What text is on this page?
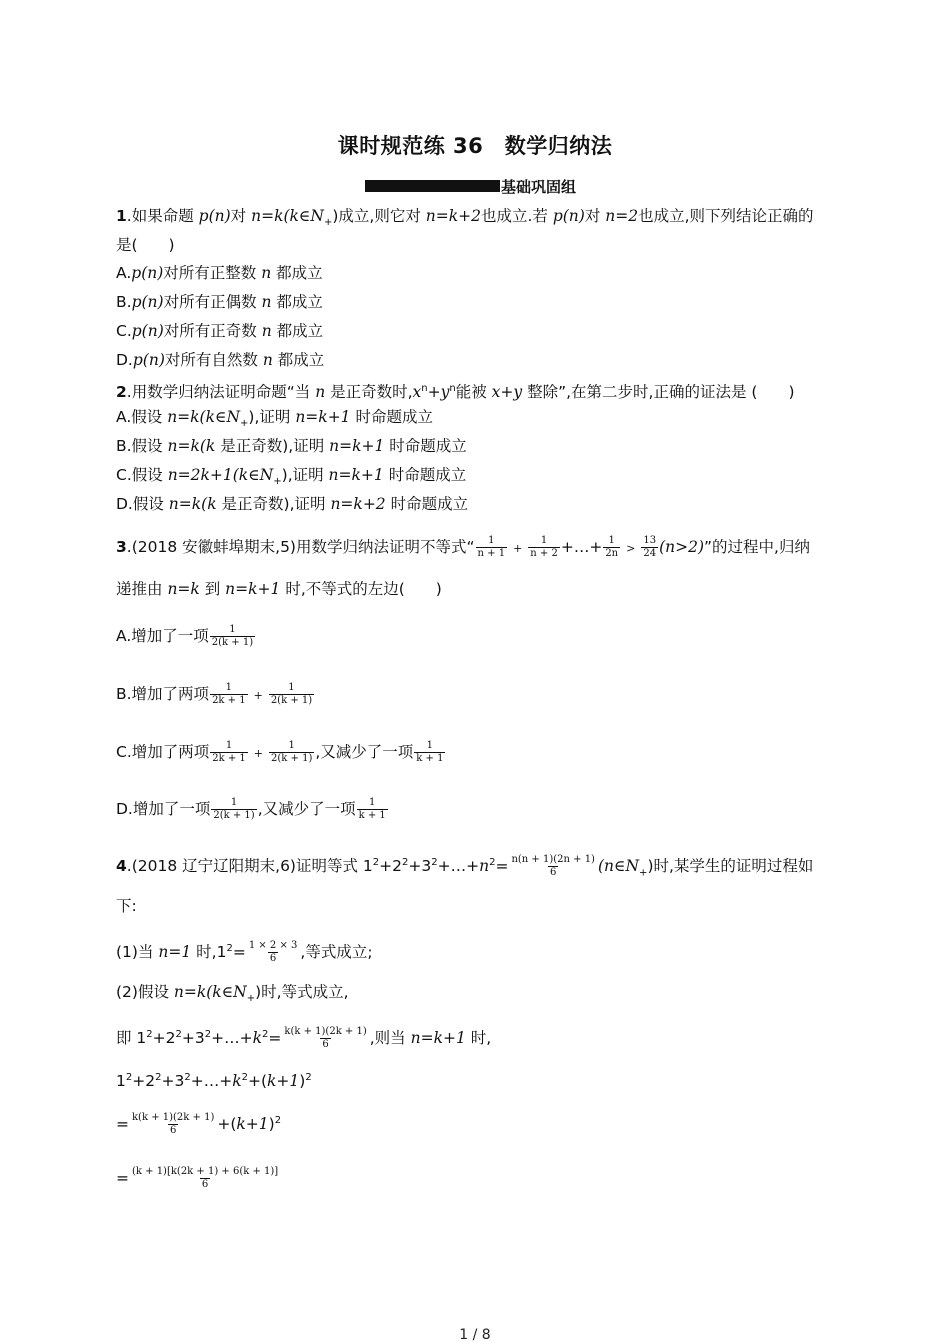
课时规范练 36　数学归纳法
基础巩固组
1.如果命题 p(n)对 $n=k(k\in N_+)$成立,则它对 n=k+2也成立.若 p(n)对 n=2也成立,则下列结论正确的
是(　　)
A.p(n)对所有正整数 n 都成立
B.p(n)对所有正偶数 n 都成立
C.p(n)对所有正奇数 n 都成立
D.p(n)对所有自然数 n 都成立
2.用数学归纳法证明命题“当 n 是正奇数时$,x^n+y^n$能被 x+y 整除”,在第二步时,正确的证法是 (　　)
A.假设 $n=k(k\in N_+)$,证明 n=k+1 时命题成立
B.假设 n=k(k 是正奇数),证明 n=k+1 时命题成立
C.假设 $n=2k+1(k\in N_+)$,证明 n=k+1 时命题成立
D.假设 n=k(k 是正奇数),证明 n=k+2 时命题成立
3.(2018 安徽蚌埠期末,5)用数学归纳法证明不等式“ $\frac{1}{n + 1} + \frac{1}{n + 2}$ +…+ $\frac{1}{2n} > \frac{13}{24} (n>2)$”的过程中,归纳
递推由 n=k 到 n=k+1 时,不等式的左边(　　)
A.增加了一项 $\frac{1}{2(k + 1)}$
B.增加了两项 $\frac{1}{2k + 1} + \frac{1}{2(k + 1)}$
C.增加了两项 $\frac{1}{2k + 1} + \frac{1}{2(k + 1)}$ ,又减少了一项 $\frac{1}{k + 1}$
D.增加了一项 $\frac{1}{2(k + 1)}$ ,又减少了一项 $\frac{1}{k + 1}$
4.(2018 辽宁辽阳期末,6)证明等式 $1^2+2^2+3^2+\dots+n^2= \frac{n(n + 1)(2n + 1)}{6}$ $(n\in N_+)$时,某学生的证明过程如
下:
(1)当 n=1 时$,1^2= \frac{1 \times 2 \times 3}{6}$ ,等式成立;
(2)假设 $n=k(k\in N_+)$时,等式成立,
即 $1^2+2^2+3^2+\dots+k^2= \frac{k(k + 1)(2k + 1)}{6}$ ,则当 n=k+1 时,
$1^2+2^2+3^2+\dots+k^2+(k+1)^2$
= $\frac{k(k + 1)(2k + 1)}{6} +(k+1)^2$
= $\frac{(k + 1)[k(2k + 1) + 6(k + 1)]}{6}$
1 / 8
